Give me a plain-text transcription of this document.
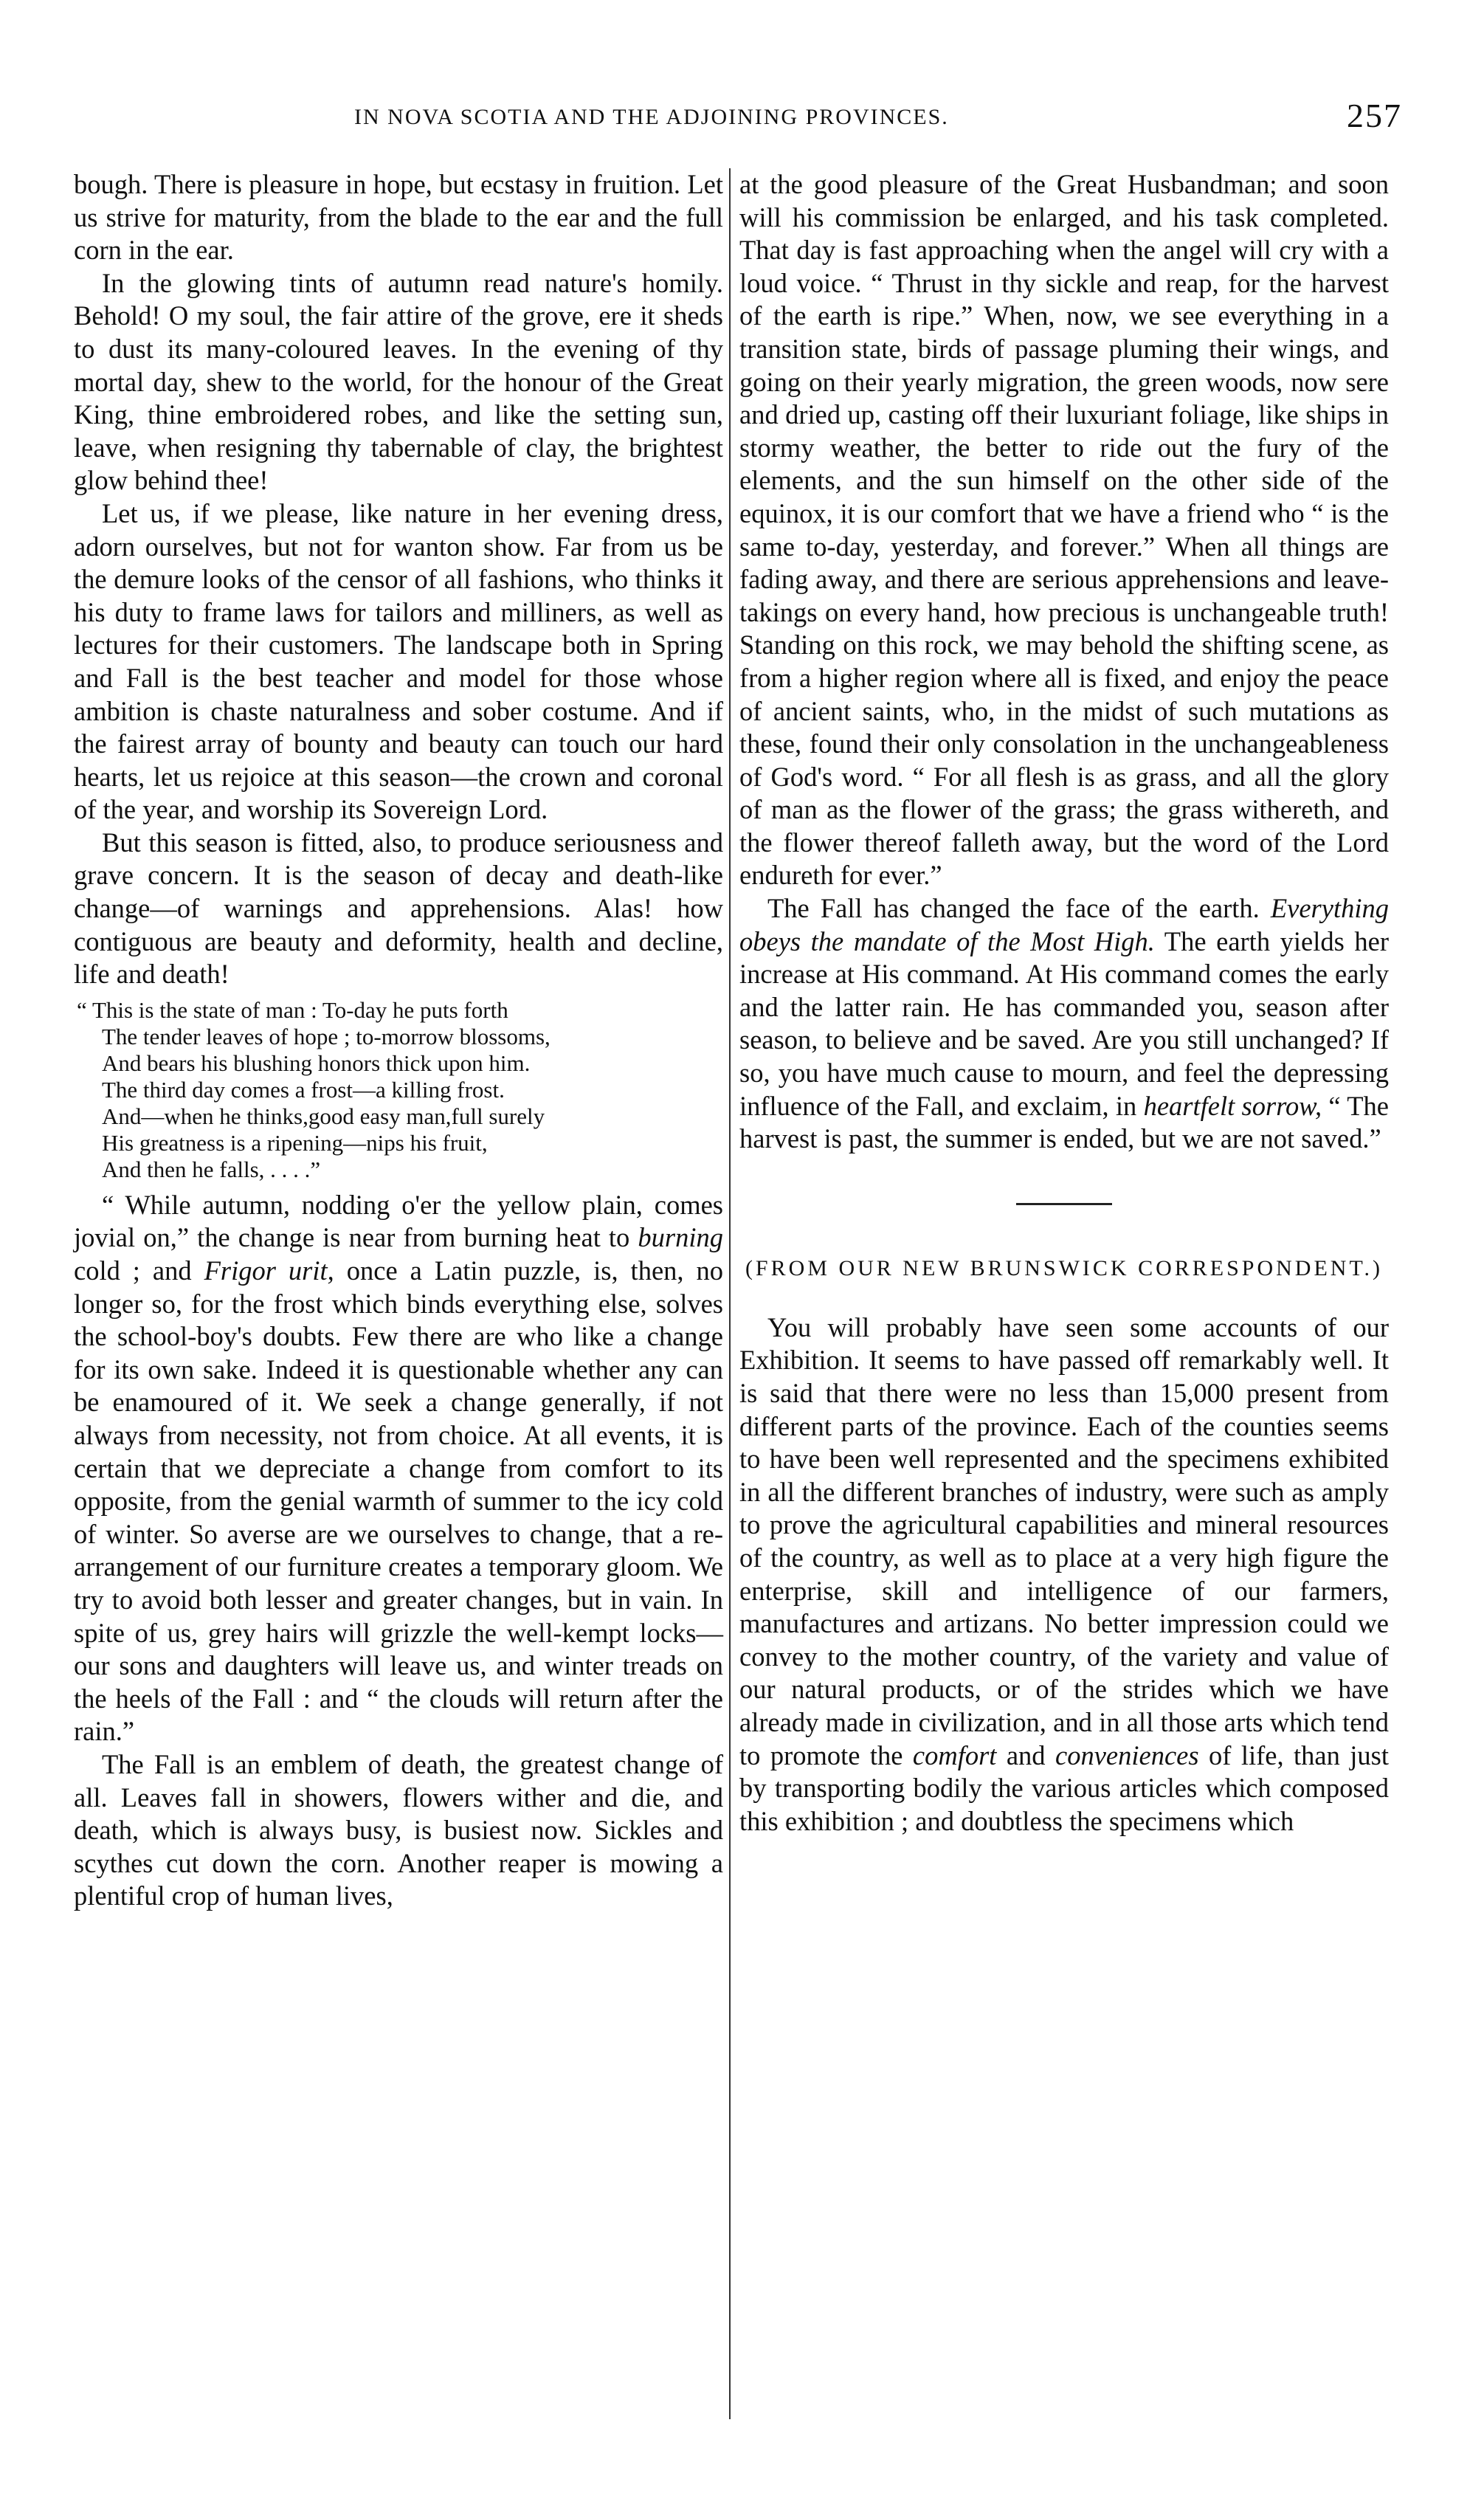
IN NOVA SCOTIA AND THE ADJOINING PROVINCES.	257

bough. There is pleasure in hope, but ecstasy in fruition. Let us strive for maturity, from the blade to the ear and the full corn in the ear.

In the glowing tints of autumn read nature's homily. Behold! O my soul, the fair attire of the grove, ere it sheds to dust its many-coloured leaves. In the evening of thy mortal day, shew to the world, for the honour of the Great King, thine embroidered robes, and like the setting sun, leave, when resigning thy tabernable of clay, the brightest glow behind thee!

Let us, if we please, like nature in her evening dress, adorn ourselves, but not for wanton show. Far from us be the demure looks of the censor of all fashions, who thinks it his duty to frame laws for tailors and milliners, as well as lectures for their customers. The landscape both in Spring and Fall is the best teacher and model for those whose ambition is chaste naturalness and sober costume. And if the fairest array of bounty and beauty can touch our hard hearts, let us rejoice at this season—the crown and coronal of the year, and worship its Sovereign Lord.

But this season is fitted, also, to produce seriousness and grave concern. It is the season of decay and death-like change—of warnings and apprehensions. Alas! how contiguous are beauty and deformity, health and decline, life and death!

“ This is the state of man : To-day he puts forth
The tender leaves of hope ; to-morrow blossoms,
And bears his blushing honors thick upon him.
The third day comes a frost—a killing frost.
And—when he thinks,good easy man,full surely
His greatness is a ripening—nips his fruit,
And then he falls, . . . .”

“ While autumn, nodding o'er the yellow plain, comes jovial on,” the change is near from burning heat to burning cold ; and Frigor urit, once a Latin puzzle, is, then, no longer so, for the frost which binds everything else, solves the school-boy's doubts. Few there are who like a change for its own sake. Indeed it is questionable whether any can be enamoured of it. We seek a change generally, if not always from necessity, not from choice. At all events, it is certain that we depreciate a change from comfort to its opposite, from the genial warmth of summer to the icy cold of winter. So averse are we ourselves to change, that a re-arrangement of our furniture creates a temporary gloom. We try to avoid both lesser and greater changes, but in vain. In spite of us, grey hairs will grizzle the well-kempt locks—our sons and daughters will leave us, and winter treads on the heels of the Fall : and “ the clouds will return after the rain.”

The Fall is an emblem of death, the greatest change of all. Leaves fall in showers, flowers wither and die, and death, which is always busy, is busiest now. Sickles and scythes cut down the corn. Another reaper is mowing a plentiful crop of human lives,

at the good pleasure of the Great Husbandman; and soon will his commission be enlarged, and his task completed. That day is fast approaching when the angel will cry with a loud voice. “ Thrust in thy sickle and reap, for the harvest of the earth is ripe.” When, now, we see everything in a transition state, birds of passage pluming their wings, and going on their yearly migration, the green woods, now sere and dried up, casting off their luxuriant foliage, like ships in stormy weather, the better to ride out the fury of the elements, and the sun himself on the other side of the equinox, it is our comfort that we have a friend who “ is the same to-day, yesterday, and forever.” When all things are fading away, and there are serious apprehensions and leave-takings on every hand, how precious is unchangeable truth! Standing on this rock, we may behold the shifting scene, as from a higher region where all is fixed, and enjoy the peace of ancient saints, who, in the midst of such mutations as these, found their only consolation in the unchangeableness of God's word. “ For all flesh is as grass, and all the glory of man as the flower of the grass; the grass withereth, and the flower thereof falleth away, but the word of the Lord endureth for ever.”

The Fall has changed the face of the earth. Everything obeys the mandate of the Most High. The earth yields her increase at His command. At His command comes the early and the latter rain. He has commanded you, season after season, to believe and be saved. Are you still unchanged? If so, you have much cause to mourn, and feel the depressing influence of the Fall, and exclaim, in heartfelt sorrow, “ The harvest is past, the summer is ended, but we are not saved.”

(FROM OUR NEW BRUNSWICK CORRESPONDENT.)

You will probably have seen some accounts of our Exhibition. It seems to have passed off remarkably well. It is said that there were no less than 15,000 present from different parts of the province. Each of the counties seems to have been well represented and the specimens exhibited in all the different branches of industry, were such as amply to prove the agricultural capabilities and mineral resources of the country, as well as to place at a very high figure the enterprise, skill and intelligence of our farmers, manufactures and artizans. No better impression could we convey to the mother country, of the variety and value of our natural products, or of the strides which we have already made in civilization, and in all those arts which tend to promote the comfort and conveniences of life, than just by transporting bodily the various articles which composed this exhibition ; and doubtless the specimens which
